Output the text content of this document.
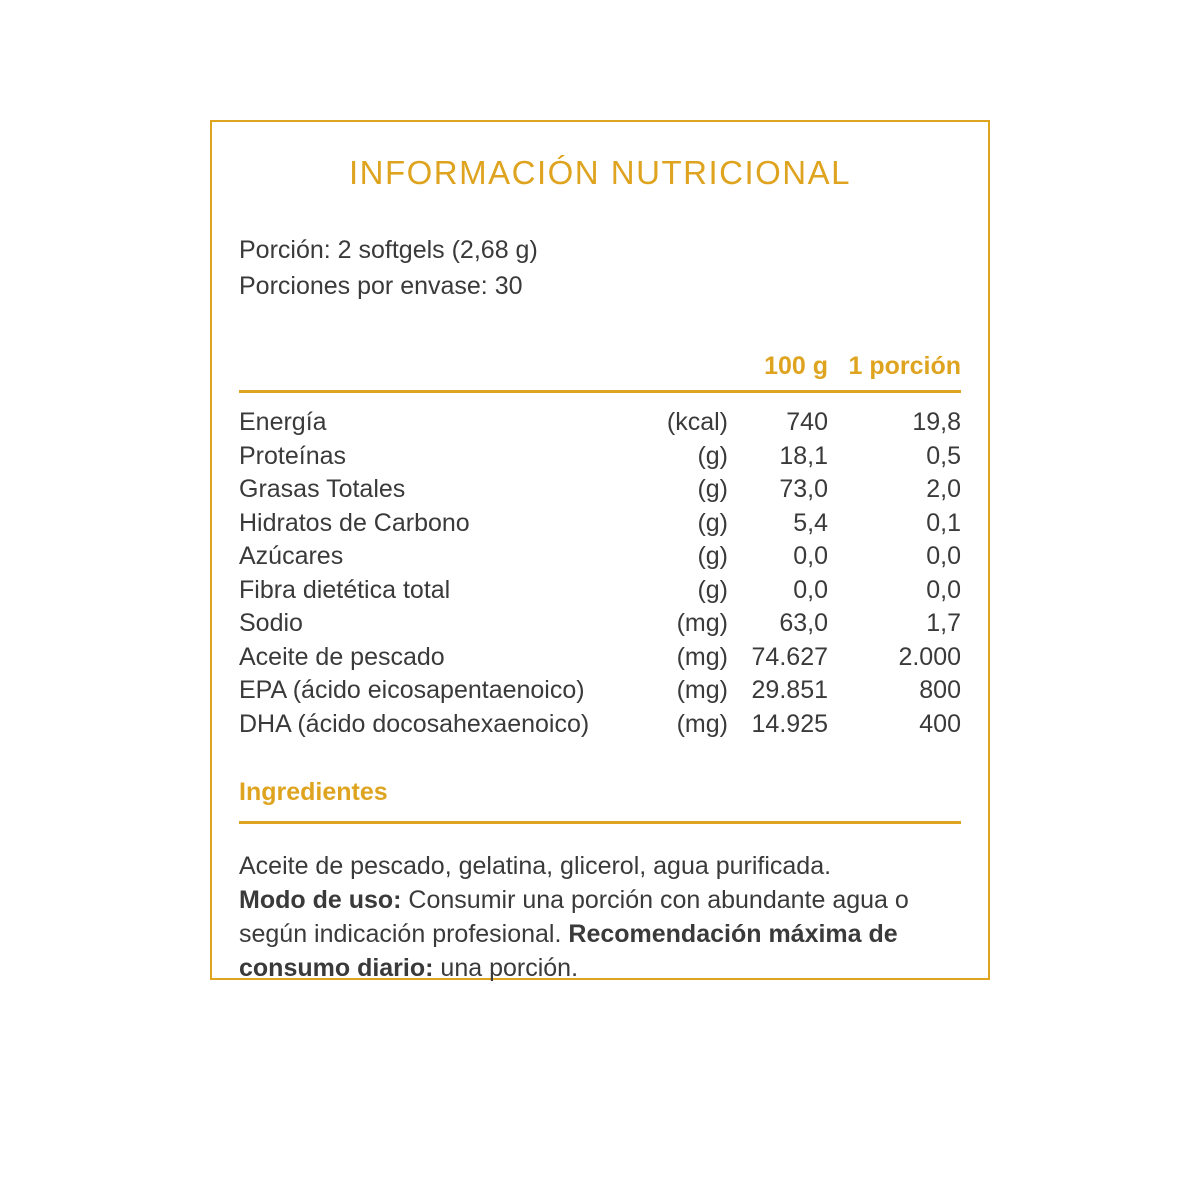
INFORMACIÓN NUTRICIONAL
Porción: 2 softgels (2,68 g)
Porciones por envase: 30
100 g 1 porción
Energía	(kcal)	740	19,8
Proteínas	(g)	18,1	0,5
Grasas Totales	(g)	73,0	2,0
Hidratos de Carbono	(g)	5,4	0,1
Azúcares	(g)	0,0	0,0
Fibra dietética total	(g)	0,0	0,0
Sodio	(mg)	63,0	1,7
Aceite de pescado	(mg) 74.627	2.000
EPA (ácido eicosapentaenoico)	(mg) 29.851	800
DHA (ácido docosahexaenoico)	(mg) 14.925	400
Ingredientes
Aceite de pescado, gelatina, glicerol, agua purificada.
Modo de uso: Consumir una porción con abundante agua o según indicación profesional. Recomendación máxima de consumo diario: una porción.
